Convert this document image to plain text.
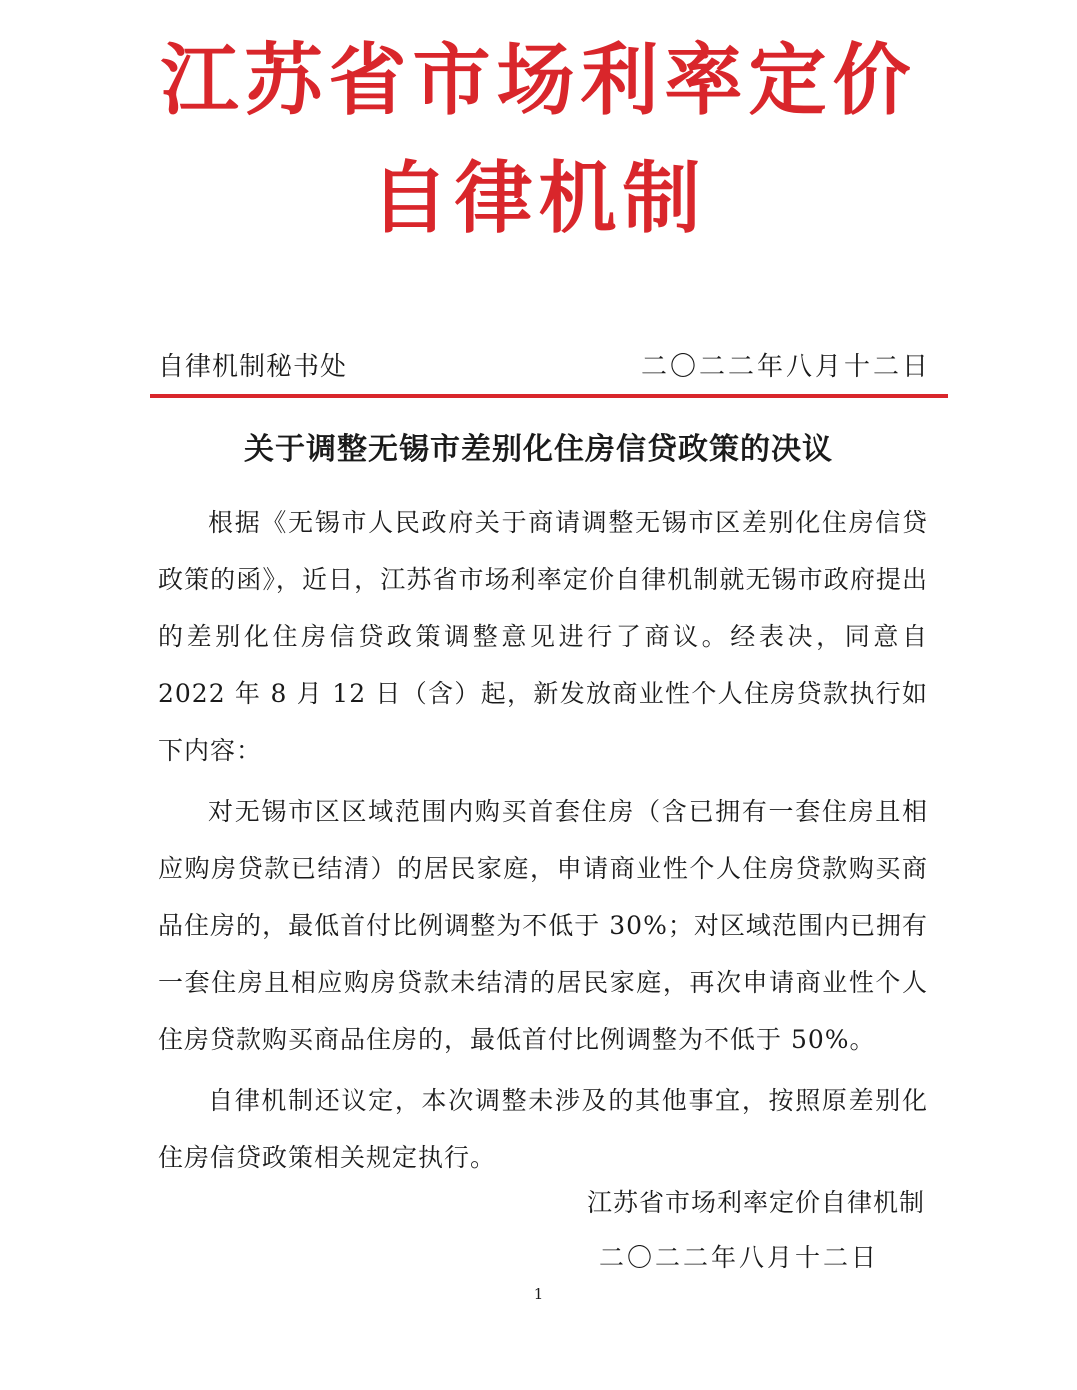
江苏省市场利率定价
自律机制
自律机制秘书处	二〇二二年八月十二日
关于调整无锡市差别化住房信贷政策的决议

根据《无锡市人民政府关于商请调整无锡市区差别化住房信贷政策的函》，近日，江苏省市场利率定价自律机制就无锡市政府提出的差别化住房信贷政策调整意见进行了商议。经表决，同意自 2022 年 8 月 12 日（含）起，新发放商业性个人住房贷款执行如下内容：

对无锡市区区域范围内购买首套住房（含已拥有一套住房且相应购房贷款已结清）的居民家庭，申请商业性个人住房贷款购买商品住房的，最低首付比例调整为不低于 30%；对区域范围内已拥有一套住房且相应购房贷款未结清的居民家庭，再次申请商业性个人住房贷款购买商品住房的，最低首付比例调整为不低于 50%。

自律机制还议定，本次调整未涉及的其他事宜，按照原差别化住房信贷政策相关规定执行。

江苏省市场利率定价自律机制
二〇二二年八月十二日
1
